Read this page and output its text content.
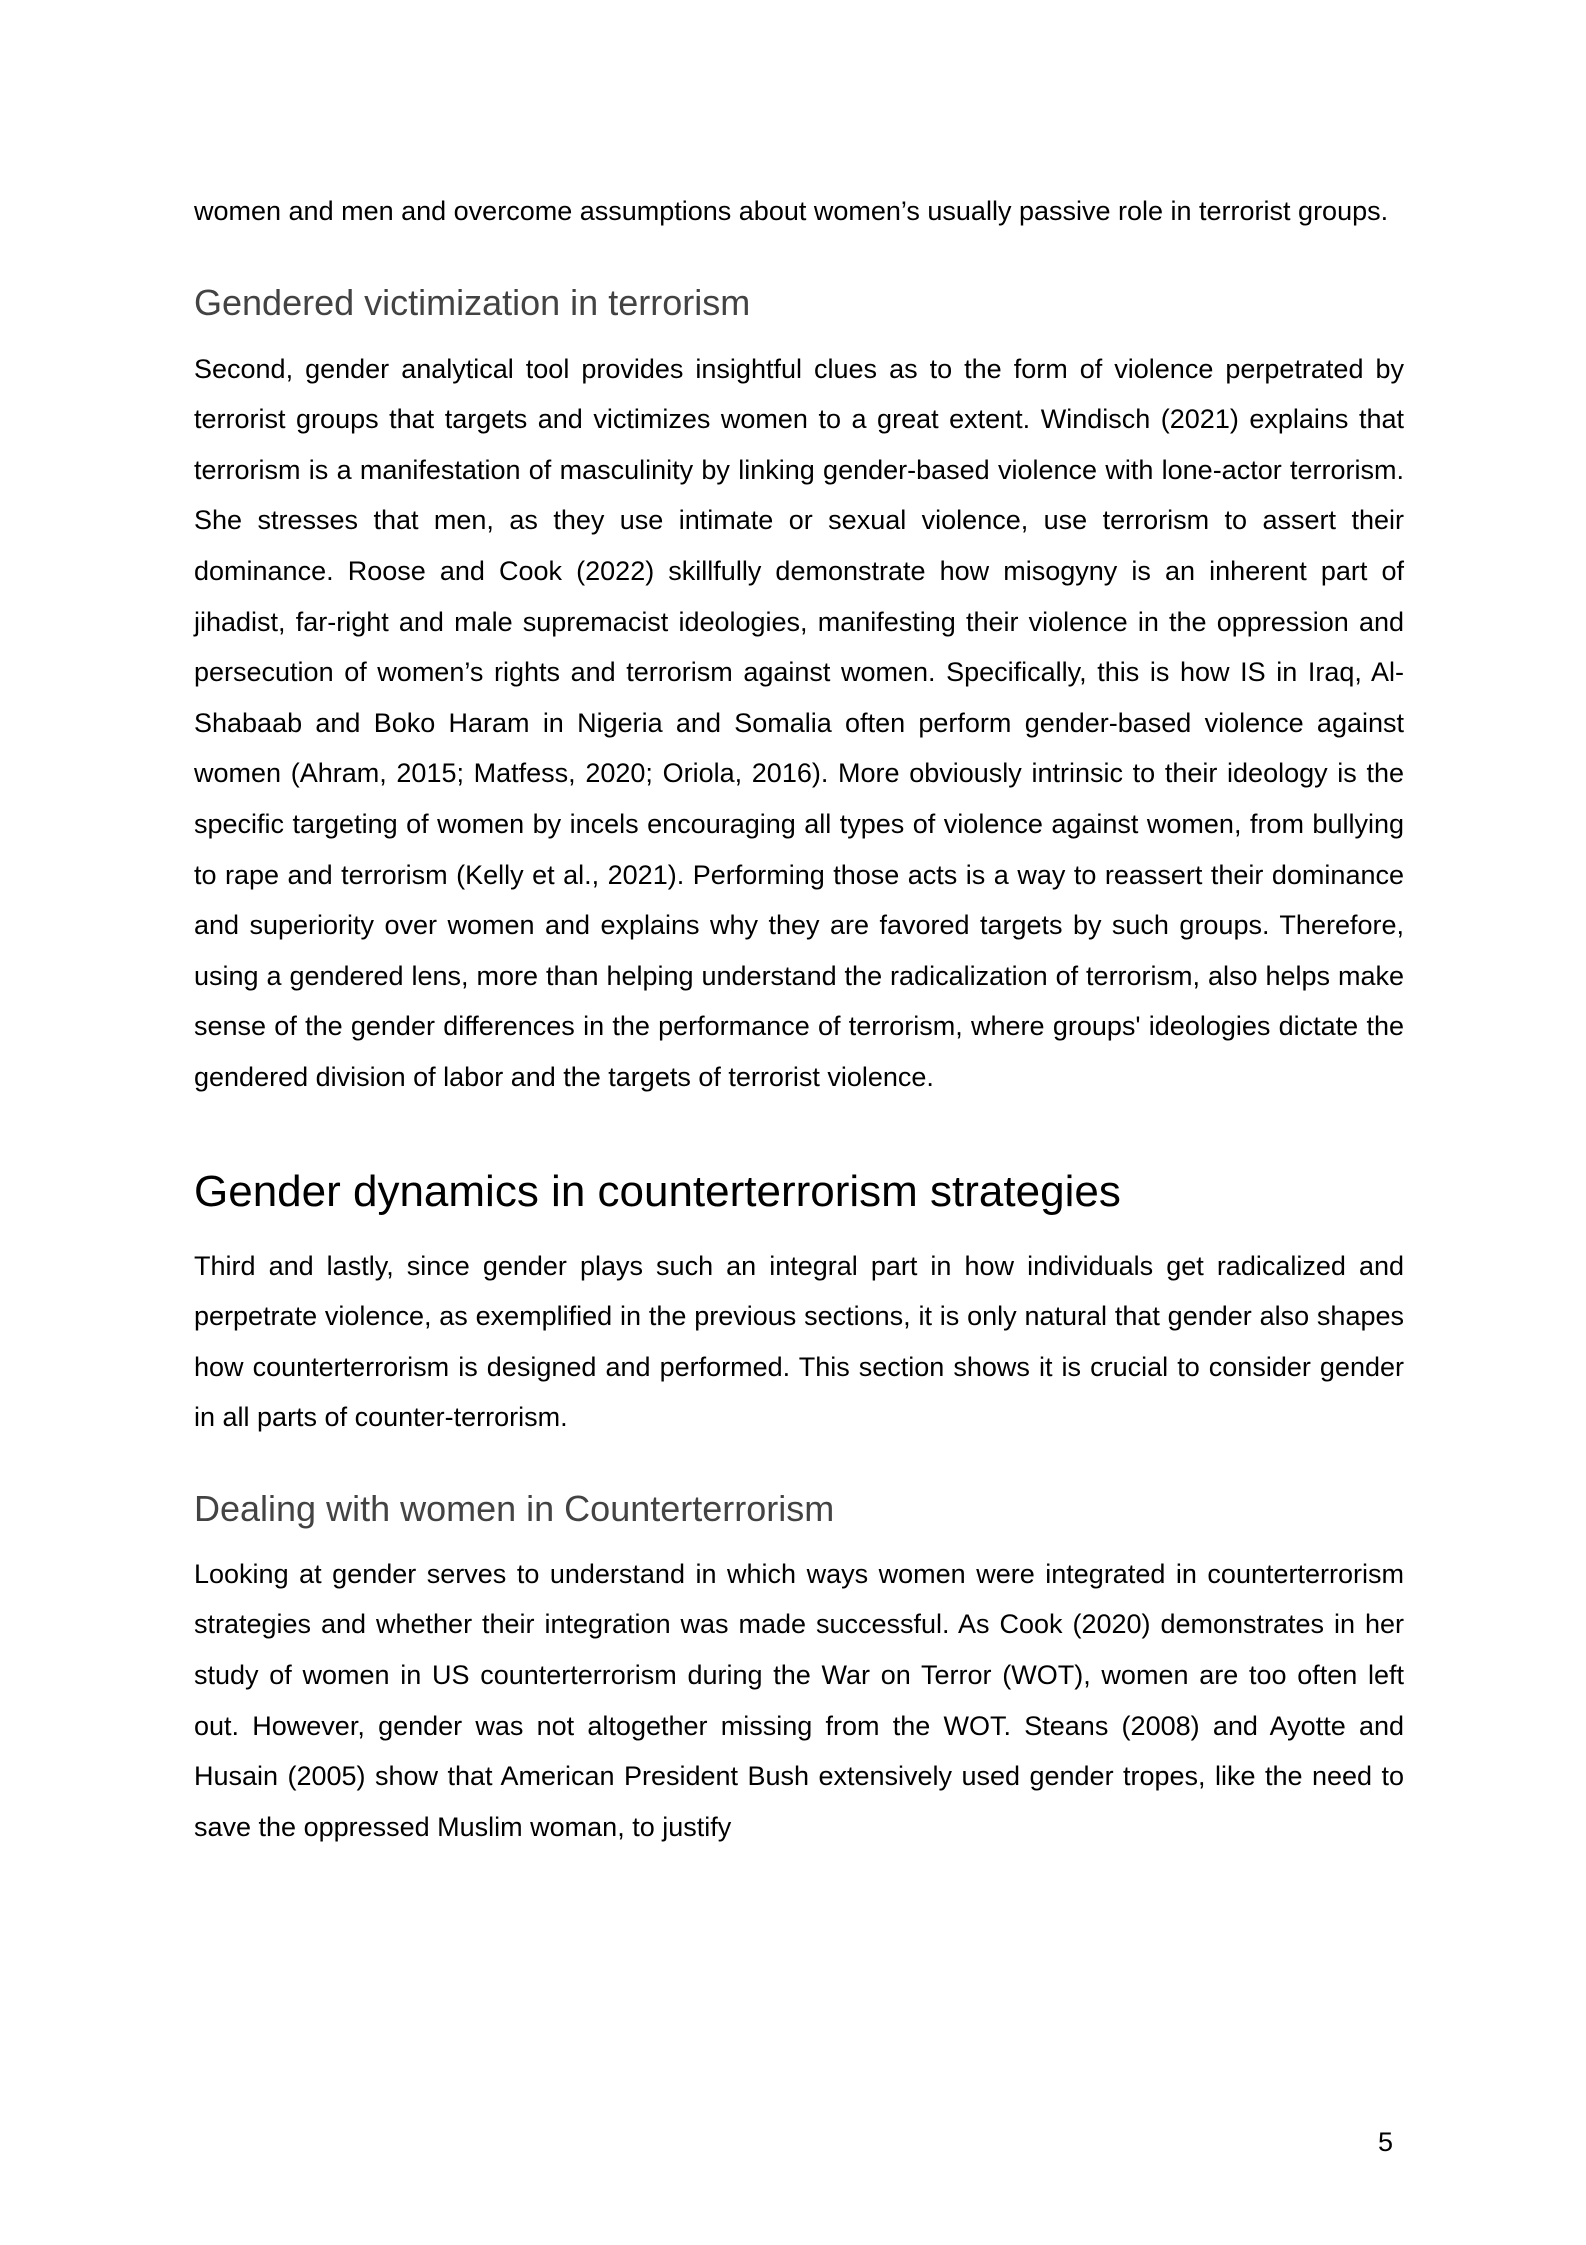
women and men and overcome assumptions about women’s usually passive role in terrorist groups.

Gendered victimization in terrorism

Second, gender analytical tool provides insightful clues as to the form of violence perpetrated by terrorist groups that targets and victimizes women to a great extent. Windisch (2021) explains that terrorism is a manifestation of masculinity by linking gender-based violence with lone-actor terrorism. She stresses that men, as they use intimate or sexual violence, use terrorism to assert their dominance. Roose and Cook (2022) skillfully demonstrate how misogyny is an inherent part of jihadist, far-right and male supremacist ideologies, manifesting their violence in the oppression and persecution of women’s rights and terrorism against women. Specifically, this is how IS in Iraq, Al-Shabaab and Boko Haram in Nigeria and Somalia often perform gender-based violence against women (Ahram, 2015; Matfess, 2020; Oriola, 2016). More obviously intrinsic to their ideology is the specific targeting of women by incels encouraging all types of violence against women, from bullying to rape and terrorism (Kelly et al., 2021). Performing those acts is a way to reassert their dominance and superiority over women and explains why they are favored targets by such groups. Therefore, using a gendered lens, more than helping understand the radicalization of terrorism, also helps make sense of the gender differences in the performance of terrorism, where groups' ideologies dictate the gendered division of labor and the targets of terrorist violence.

Gender dynamics in counterterrorism strategies

Third and lastly, since gender plays such an integral part in how individuals get radicalized and perpetrate violence, as exemplified in the previous sections, it is only natural that gender also shapes how counterterrorism is designed and performed. This section shows it is crucial to consider gender in all parts of counter-terrorism.

Dealing with women in Counterterrorism

Looking at gender serves to understand in which ways women were integrated in counterterrorism strategies and whether their integration was made successful. As Cook (2020) demonstrates in her study of women in US counterterrorism during the War on Terror (WOT), women are too often left out. However, gender was not altogether missing from the WOT. Steans (2008) and Ayotte and Husain (2005) show that American President Bush extensively used gender tropes, like the need to save the oppressed Muslim woman, to justify

5
